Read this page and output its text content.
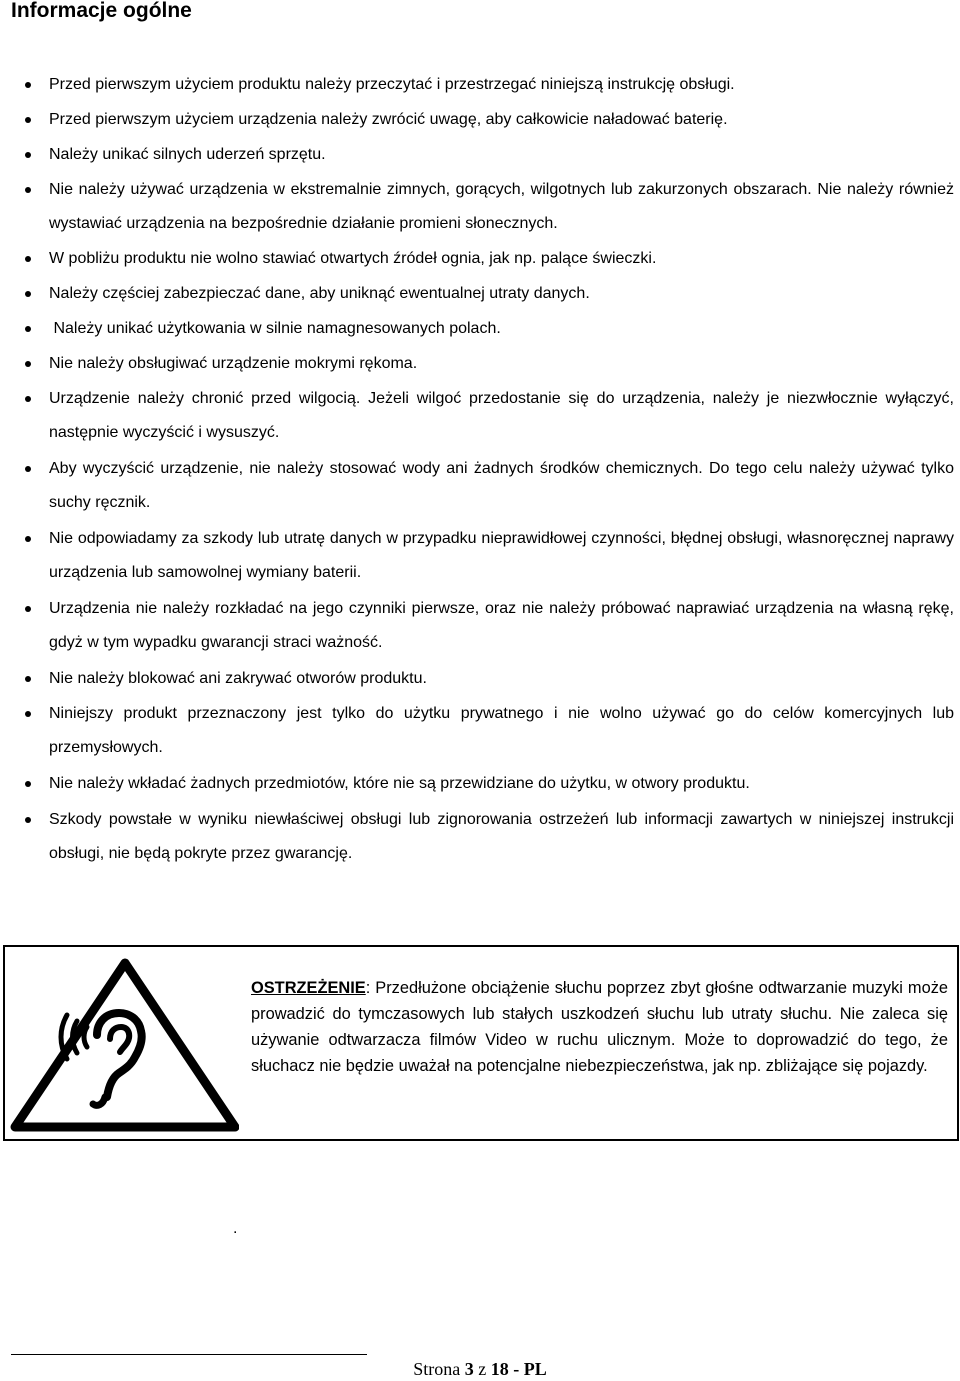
Informacje ogólne
Przed pierwszym użyciem produktu należy przeczytać i przestrzegać niniejszą instrukcję obsługi.
Przed pierwszym użyciem urządzenia należy zwrócić uwagę, aby całkowicie naładować baterię.
Należy unikać silnych uderzeń sprzętu.
Nie należy używać urządzenia w ekstremalnie zimnych, gorących, wilgotnych lub zakurzonych obszarach. Nie należy również wystawiać urządzenia na bezpośrednie działanie promieni słonecznych.
W pobliżu produktu nie wolno stawiać otwartych źródeł ognia, jak np. palące świeczki.
Należy częściej zabezpieczać dane, aby uniknąć ewentualnej utraty danych.
Należy unikać użytkowania w silnie namagnesowanych polach.
Nie należy obsługiwać urządzenie mokrymi rękoma.
Urządzenie należy chronić przed wilgocią. Jeżeli wilgoć przedostanie się do urządzenia, należy je niezwłocznie wyłączyć, następnie wyczyścić i wysuszyć.
Aby wyczyścić urządzenie, nie należy stosować wody ani żadnych środków chemicznych. Do tego celu należy używać tylko suchy ręcznik.
Nie odpowiadamy za szkody lub utratę danych w przypadku nieprawidłowej czynności, błędnej obsługi, własnoręcznej naprawy urządzenia lub samowolnej wymiany baterii.
Urządzenia nie należy rozkładać na jego czynniki pierwsze, oraz nie należy próbować naprawiać urządzenia na własną rękę, gdyż w tym wypadku gwarancji straci ważność.
Nie należy blokować ani zakrywać otworów produktu.
Niniejszy produkt przeznaczony jest tylko do użytku prywatnego i nie wolno używać go do celów komercyjnych lub przemysłowych.
Nie należy wkładać żadnych przedmiotów, które nie są przewidziane do użytku, w otwory produktu.
Szkody powstałe w wyniku niewłaściwej obsługi lub zignorowania ostrzeżeń lub informacji zawartych w niniejszej instrukcji obsługi, nie będą pokryte przez gwarancję.

OSTRZEŻENIE: Przedłużone obciążenie słuchu poprzez zbyt głośne odtwarzanie muzyki może prowadzić do tymczasowych lub stałych uszkodzeń słuchu lub utraty słuchu. Nie zaleca się używanie odtwarzacza filmów Video w ruchu ulicznym. Może to doprowadzić do tego, że słuchacz nie będzie uważał na potencjalne niebezpieczeństwa, jak np. zbliżające się pojazdy.

.
Strona 3 z 18 - PL
